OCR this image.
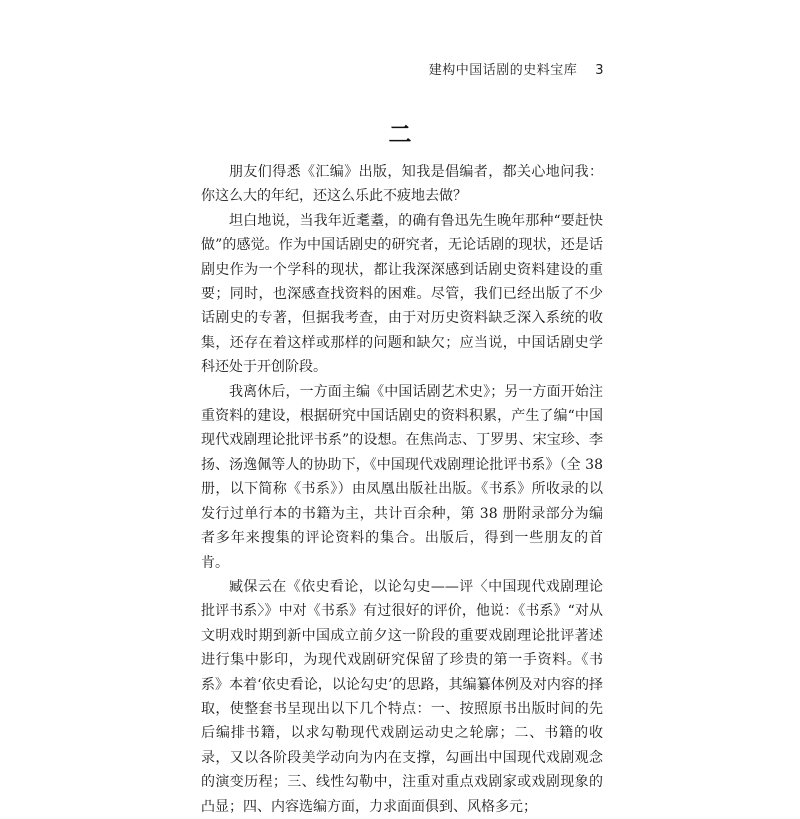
建构中国话剧的史料宝库 3
二

朋友们得悉《汇编》出版，知我是倡编者，都关心地问我：你这么大的年纪，还这么乐此不疲地去做？

坦白地说，当我年近耄耋，的确有鲁迅先生晚年那种“要赶快做”的感觉。作为中国话剧史的研究者，无论话剧的现状，还是话剧史作为一个学科的现状，都让我深深感到话剧史资料建设的重要；同时，也深感查找资料的困难。尽管，我们已经出版了不少话剧史的专著，但据我考查，由于对历史资料缺乏深入系统的收集，还存在着这样或那样的问题和缺欠；应当说，中国话剧史学科还处于开创阶段。

我离休后，一方面主编《中国话剧艺术史》；另一方面开始注重资料的建设，根据研究中国话剧史的资料积累，产生了编“中国现代戏剧理论批评书系”的设想。在焦尚志、丁罗男、宋宝珍、李扬、汤逸佩等人的协助下，《中国现代戏剧理论批评书系》（全 38 册，以下简称《书系》）由凤凰出版社出版。《书系》所收录的以发行过单行本的书籍为主，共计百余种，第 38 册附录部分为编者多年来搜集的评论资料的集合。出版后，得到一些朋友的首肯。

臧保云在《依史看论，以论勾史——评〈中国现代戏剧理论批评书系〉》中对《书系》有过很好的评价，他说：《书系》“对从文明戏时期到新中国成立前夕这一阶段的重要戏剧理论批评著述进行集中影印，为现代戏剧研究保留了珍贵的第一手资料。《书系》本着‘依史看论，以论勾史’的思路，其编纂体例及对内容的择取，使整套书呈现出以下几个特点：一、按照原书出版时间的先后编排书籍，以求勾勒现代戏剧运动史之轮廓；二、书籍的收录，又以各阶段美学动向为内在支撑，勾画出中国现代戏剧观念的演变历程；三、线性勾勒中，注重对重点戏剧家或戏剧现象的凸显；四、内容选编方面，力求面面俱到、风格多元；
